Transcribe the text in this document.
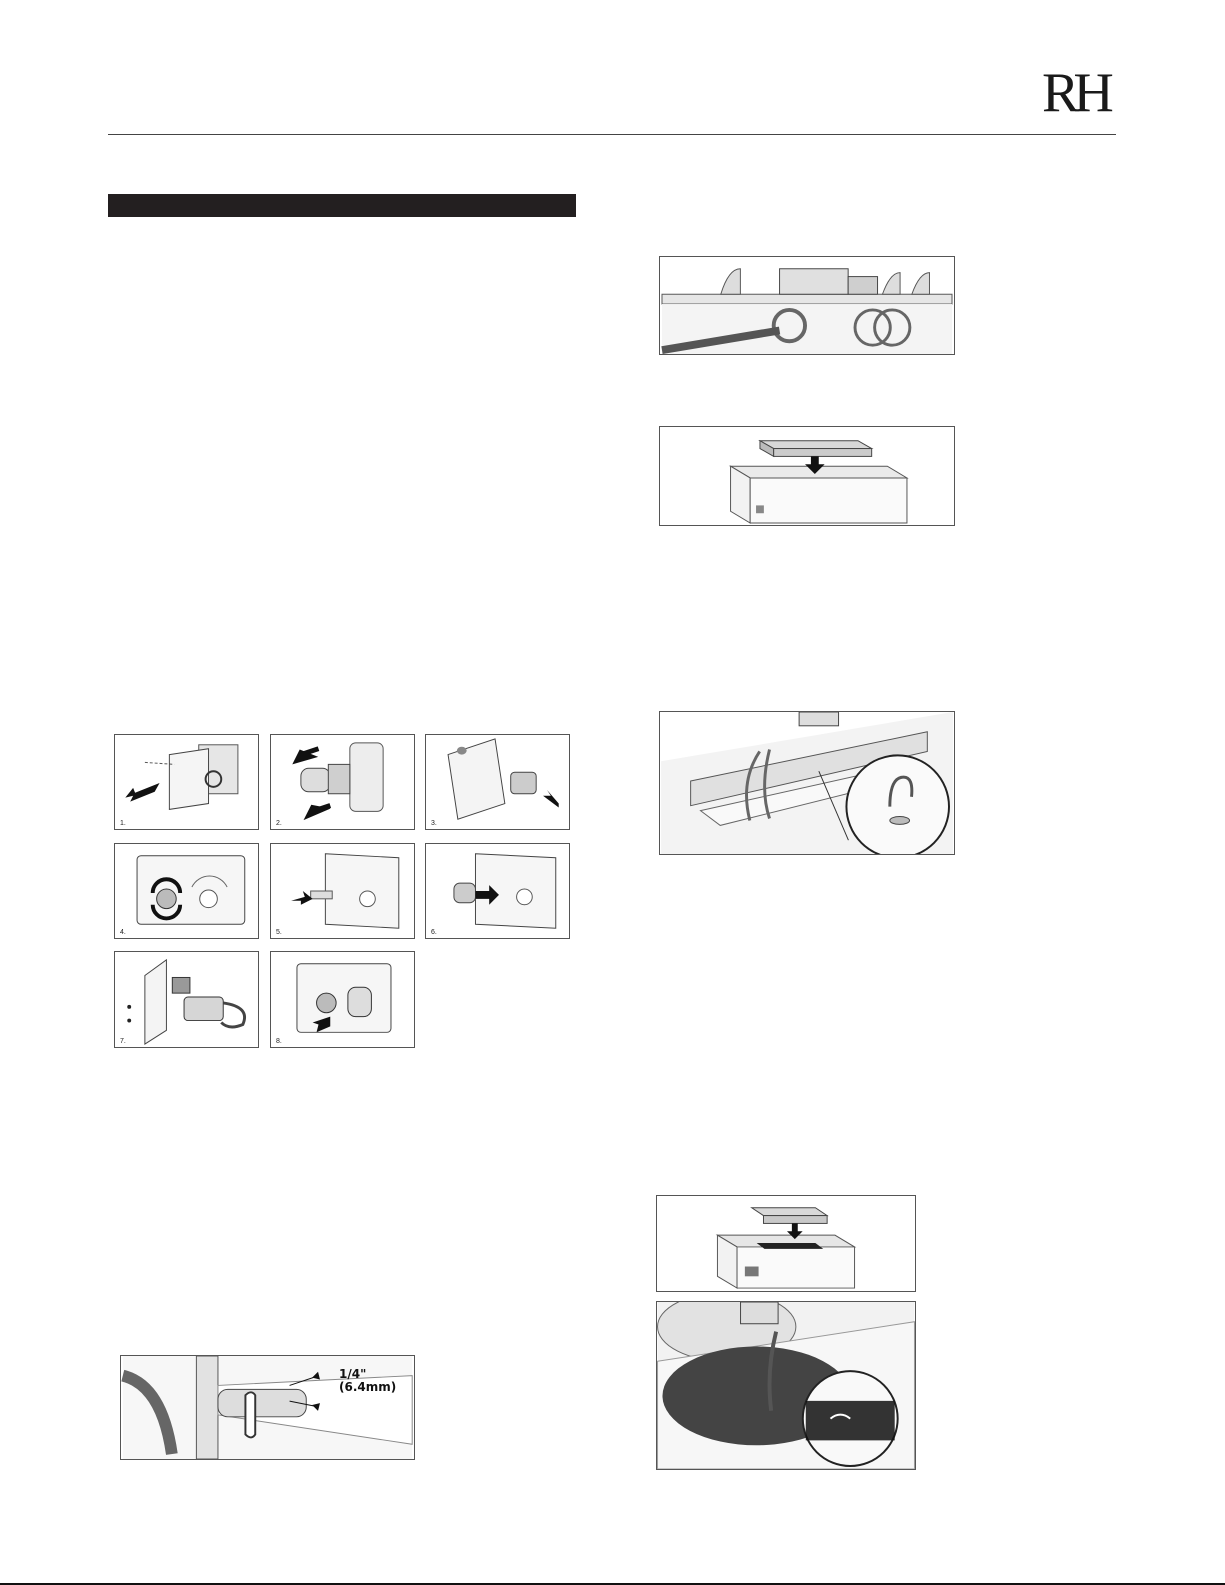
RH
1.	2.	3.
4.	5.	6.
7.	8.
1/4"
(6.4mm)
